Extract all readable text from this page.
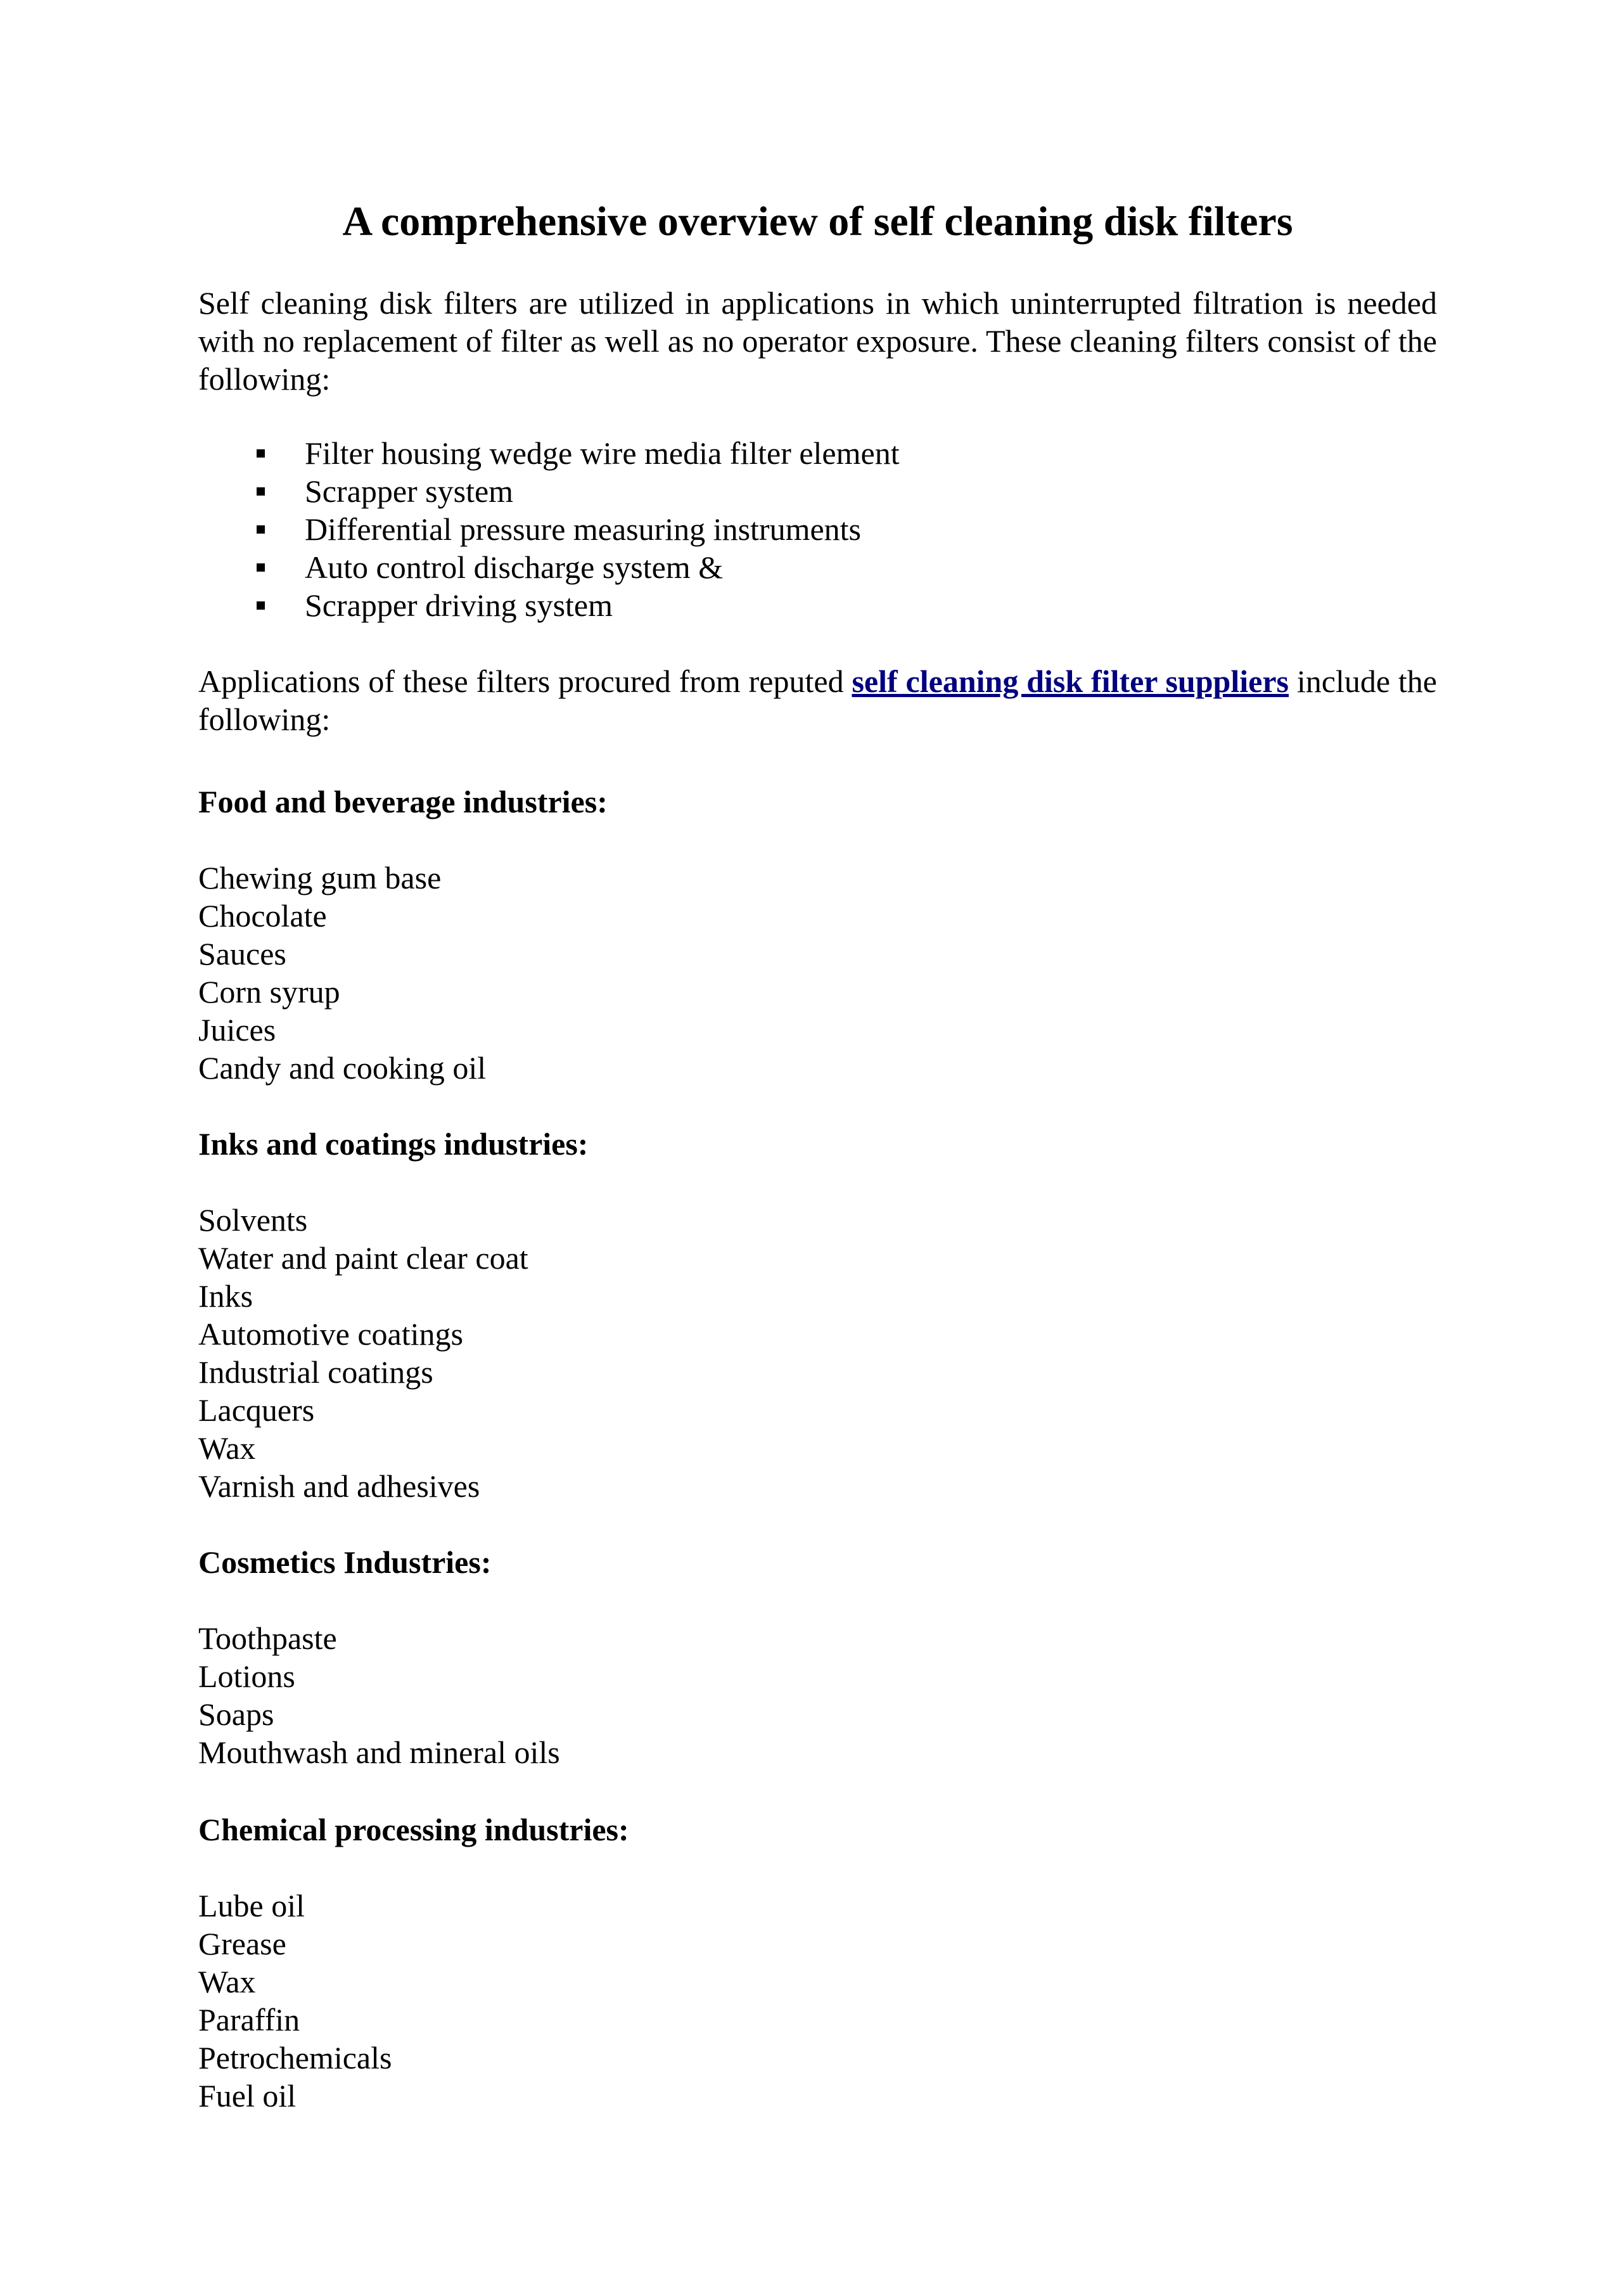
A comprehensive overview of self cleaning disk filters

Self cleaning disk filters are utilized in applications in which uninterrupted filtration is needed with no replacement of filter as well as no operator exposure. These cleaning filters consist of the following:

Filter housing wedge wire media filter element
Scrapper system
Differential pressure measuring instruments
Auto control discharge system &
Scrapper driving system

Applications of these filters procured from reputed self cleaning disk filter suppliers include the following:

Food and beverage industries:
Chewing gum base
Chocolate
Sauces
Corn syrup
Juices
Candy and cooking oil
Inks and coatings industries:
Solvents
Water and paint clear coat
Inks
Automotive coatings
Industrial coatings
Lacquers
Wax
Varnish and adhesives
Cosmetics Industries:
Toothpaste
Lotions
Soaps
Mouthwash and mineral oils
Chemical processing industries:
Lube oil
Grease
Wax
Paraffin
Petrochemicals
Fuel oil
